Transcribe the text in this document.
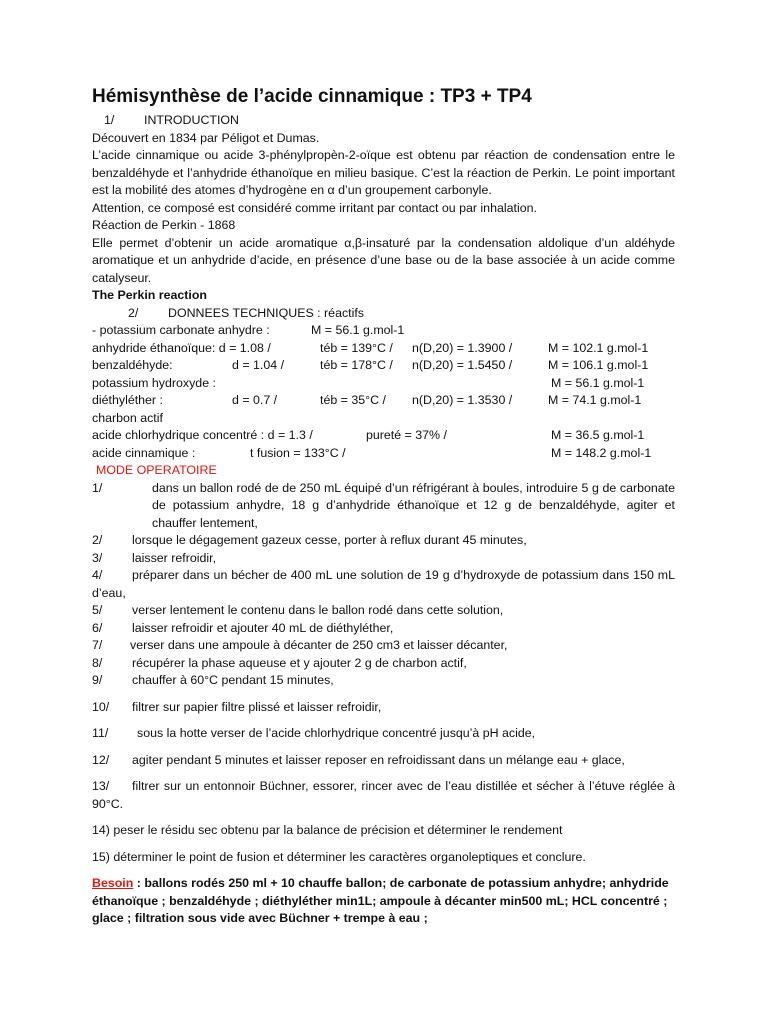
Hémisynthèse de l’acide cinnamique : TP3 + TP4
1/ INTRODUCTION
Découvert en 1834 par Péligot et Dumas.
L’acide cinnamique ou acide 3-phénylpropèn-2-oïque est obtenu par réaction de condensation entre le benzaldéhyde et l’anhydride éthanoïque en milieu basique. C’est la réaction de Perkin. Le point important est la mobilité des atomes d’hydrogène en α d’un groupement carbonyle.
Attention, ce composé est considéré comme irritant par contact ou par inhalation.
Réaction de Perkin - 1868
Elle permet d’obtenir un acide aromatique α,β-insaturé par la condensation aldolique d’un aldéhyde aromatique et un anhydride d’acide, en présence d’une base ou de la base associée à un acide comme catalyseur.
The Perkin reaction
2/ DONNEES TECHNIQUES : réactifs
- potassium carbonate anhydre :	M = 56.1 g.mol-1
anhydride éthanoïque: d = 1.08 /	téb = 139°C / n(D,20) = 1.3900 /	M = 102.1 g.mol-1
benzaldéhyde:	d = 1.04 /	téb = 178°C / n(D,20) = 1.5450 /	M = 106.1 g.mol-1
potassium hydroxyde :	M = 56.1 g.mol-1
diéthyléther :	d = 0.7 /	téb = 35°C / n(D,20) = 1.3530 /	M = 74.1 g.mol-1
charbon actif
acide chlorhydrique concentré : d = 1.3 /	pureté = 37% /	M = 36.5 g.mol-1
acide cinnamique :	t fusion = 133°C /	M = 148.2 g.mol-1
MODE OPERATOIRE
1/	dans un ballon rodé de de 250 mL équipé d’un réfrigérant à boules, introduire 5 g de carbonate de potassium anhydre, 18 g d’anhydride éthanoïque et 12 g de benzaldéhyde, agiter et chauffer lentement,
2/	lorsque le dégagement gazeux cesse, porter à reflux durant 45 minutes,
3/	laisser refroidir,
4/ préparer dans un bécher de 400 mL une solution de 19 g d’hydroxyde de potassium dans 150 mL d’eau,
5/	verser lentement le contenu dans le ballon rodé dans cette solution,
6/	laisser refroidir et ajouter 40 mL de diéthyléther,
7/	verser dans une ampoule à décanter de 250 cm3 et laisser décanter,
8/	récupérer la phase aqueuse et y ajouter 2 g de charbon actif,
9/	chauffer à 60°C pendant 15 minutes,
10/	filtrer sur papier filtre plissé et laisser refroidir,
11/	sous la hotte verser de l’acide chlorhydrique concentré jusqu’à pH acide,
12/	agiter pendant 5 minutes et laisser reposer en refroidissant dans un mélange eau + glace,
13/ filtrer sur un entonnoir Büchner, essorer, rincer avec de l’eau distillée et sécher à l’étuve réglée à 90°C.
14) peser le résidu sec obtenu par la balance de précision et déterminer le rendement
15) déterminer le point de fusion et déterminer les caractères organoleptiques et conclure.
Besoin : ballons rodés 250 ml + 10 chauffe ballon; de carbonate de potassium anhydre; anhydride éthanoïque ; benzaldéhyde ; diéthyléther min1L; ampoule à décanter min500 mL; HCL concentré ; glace ; filtration sous vide avec Büchner + trempe à eau ;
